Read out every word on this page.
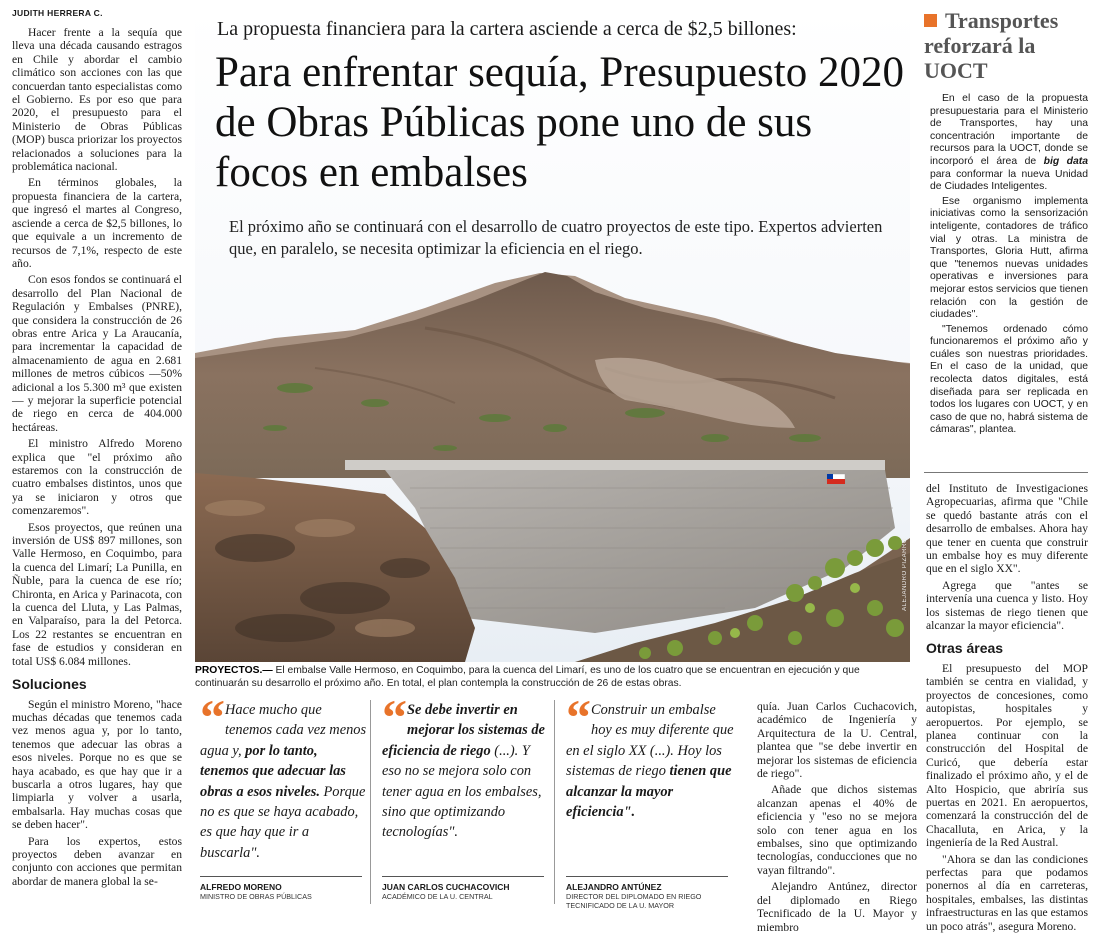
JUDITH HERRERA C.

Hacer frente a la sequía que lleva una década causando estragos en Chile y abordar el cambio climático son acciones con las que concuerdan tanto especialistas como el Gobierno. Es por eso que para 2020, el presupuesto para el Ministerio de Obras Públicas (MOP) busca priorizar los proyectos relacionados a soluciones para la problemática nacional.

En términos globales, la propuesta financiera de la cartera, que ingresó el martes al Congreso, asciende a cerca de $2,5 billones, lo que equivale a un incremento de recursos de 7,1%, respecto de este año.

Con esos fondos se continuará el desarrollo del Plan Nacional de Regulación y Embalses (PNRE), que considera la construcción de 26 obras entre Arica y La Araucanía, para incrementar la capacidad de almacenamiento de agua en 2.681 millones de metros cúbicos —50% adicional a los 5.300 m³ que existen— y mejorar la superficie potencial de riego en cerca de 404.000 hectáreas.

El ministro Alfredo Moreno explica que "el próximo año estaremos con la construcción de cuatro embalses distintos, unos que ya se iniciaron y otros que comenzaremos".

Esos proyectos, que reúnen una inversión de US$ 897 millones, son Valle Hermoso, en Coquimbo, para la cuenca del Limarí; La Punilla, en Ñuble, para la cuenca de ese río; Chironta, en Arica y Parinacota, con la cuenca del Lluta, y Las Palmas, en Valparaíso, para la del Petorca. Los 22 restantes se encuentran en fase de estudios y consideran en total US$ 6.084 millones.

Soluciones

Según el ministro Moreno, "hace muchas décadas que tenemos cada vez menos agua y, por lo tanto, tenemos que adecuar las obras a esos niveles. Porque no es que se haya acabado, es que hay que ir a buscarla a otros lugares, hay que limpiarla y volver a usarla, embalsarla. Hay muchas cosas que se deben hacer".

Para los expertos, estos proyectos deben avanzar en conjunto con acciones que permitan abordar de manera global la se-

La propuesta financiera para la cartera asciende a cerca de $2,5 billones:
Para enfrentar sequía, Presupuesto 2020 de Obras Públicas pone uno de sus focos en embalses
El próximo año se continuará con el desarrollo de cuatro proyectos de este tipo. Expertos advierten que, en paralelo, se necesita optimizar la eficiencia en el riego.
ALEJANDRO PIZARRO
PROYECTOS.— El embalse Valle Hermoso, en Coquimbo, para la cuenca del Limarí, es uno de los cuatro que se encuentran en ejecución y que continuarán su desarrollo el próximo año. En total, el plan contempla la construcción de 26 de estas obras.
“ Hace mucho que tenemos cada vez menos agua y, por lo tanto, tenemos que adecuar las obras a esos niveles. Porque no es que se haya acabado, es que hay que ir a buscarla".
ALFREDO MORENO
MINISTRO DE OBRAS PÚBLICAS
“ Se debe invertir en mejorar los sistemas de eficiencia de riego (...). Y eso no se mejora solo con tener agua en los embalses, sino que optimizando tecnologías".
JUAN CARLOS CUCHACOVICH
ACADÉMICO DE LA U. CENTRAL
“ Construir un embalse hoy es muy diferente que en el siglo XX (...). Hoy los sistemas de riego tienen que alcanzar la mayor eficiencia".
ALEJANDRO ANTÚNEZ
DIRECTOR DEL DIPLOMADO EN RIEGO TECNIFICADO DE LA U. MAYOR

quía. Juan Carlos Cuchacovich, académico de Ingeniería y Arquitectura de la U. Central, plantea que "se debe invertir en mejorar los sistemas de eficiencia de riego".

Añade que dichos sistemas alcanzan apenas el 40% de eficiencia y "eso no se mejora solo con tener agua en los embalses, sino que optimizando tecnologías, conducciones que no vayan filtrando".

Alejandro Antúnez, director del diplomado en Riego Tecnificado de la U. Mayor y miembro

Transportes reforzará la UOCT

En el caso de la propuesta presupuestaria para el Ministerio de Transportes, hay una concentración importante de recursos para la UOCT, donde se incorporó el área de big data para conformar la nueva Unidad de Ciudades Inteligentes.

Ese organismo implementa iniciativas como la sensorización inteligente, contadores de tráfico vial y otras. La ministra de Transportes, Gloria Hutt, afirma que "tenemos nuevas unidades operativas e inversiones para mejorar estos servicios que tienen relación con la gestión de ciudades".

"Tenemos ordenado cómo funcionaremos el próximo año y cuáles son nuestras prioridades. En el caso de la unidad, que recolecta datos digitales, está diseñada para ser replicada en todos los lugares con UOCT, y en caso de que no, habrá sistema de cámaras", plantea.

del Instituto de Investigaciones Agropecuarias, afirma que "Chile se quedó bastante atrás con el desarrollo de embalses. Ahora hay que tener en cuenta que construir un embalse hoy es muy diferente que en el siglo XX".

Agrega que "antes se intervenía una cuenca y listo. Hoy los sistemas de riego tienen que alcanzar la mayor eficiencia".

Otras áreas

El presupuesto del MOP también se centra en vialidad, y proyectos de concesiones, como autopistas, hospitales y aeropuertos. Por ejemplo, se planea continuar con la construcción del Hospital de Curicó, que debería estar finalizado el próximo año, y el de Alto Hospicio, que abriría sus puertas en 2021. En aeropuertos, comenzará la construcción del de Chacalluta, en Arica, y la ingeniería de la Red Austral.

"Ahora se dan las condiciones perfectas para que podamos ponernos al día en carreteras, hospitales, embalses, las distintas infraestructuras en las que estamos un poco atrás", asegura Moreno.
